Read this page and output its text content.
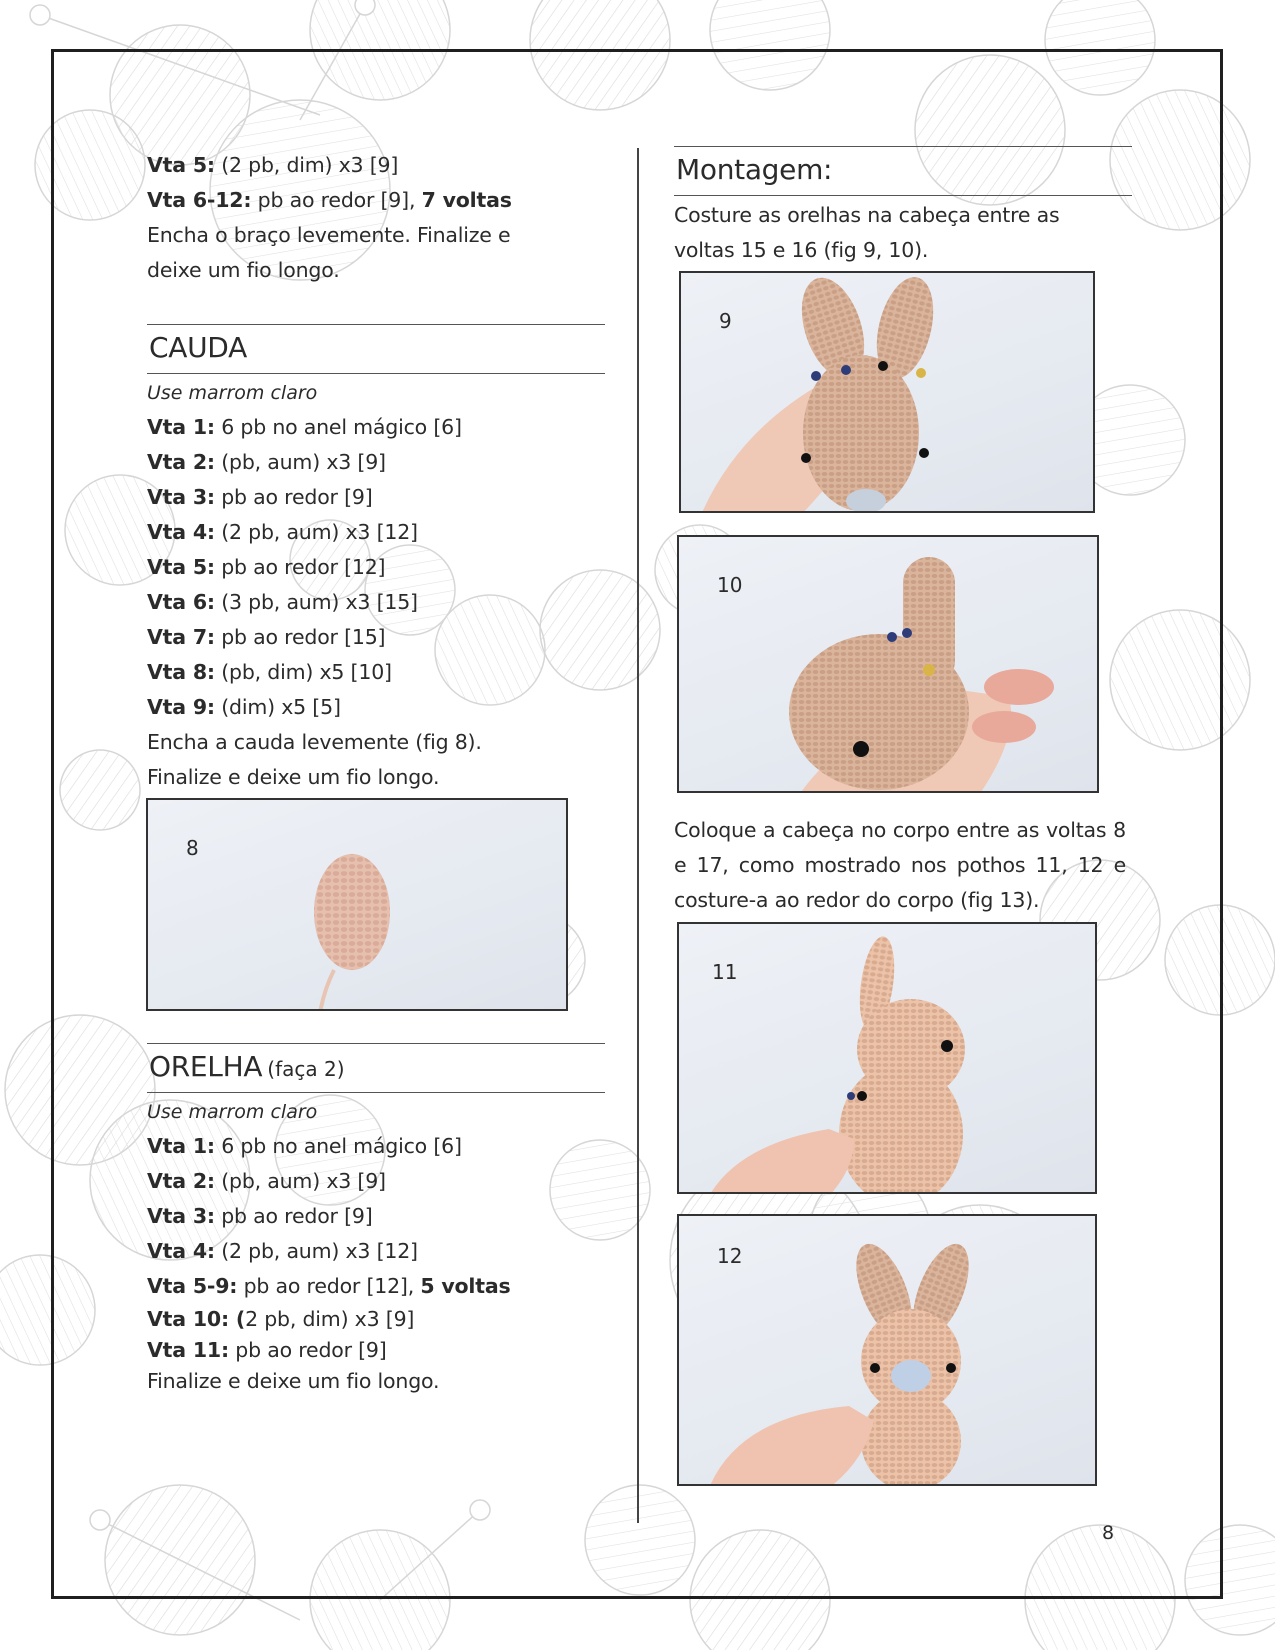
Vta 5: (2 pb, dim) x3 [9]
Vta 6-12: pb ao redor [9], 7 voltas
Encha o braço levemente. Finalize e deixe um fio longo.
CAUDA
Use marrom claro
Vta 1: 6 pb no anel mágico [6]
Vta 2: (pb, aum) x3 [9]
Vta 3: pb ao redor [9]
Vta 4: (2 pb, aum) x3 [12]
Vta 5: pb ao redor [12]
Vta 6: (3 pb, aum) x3 [15]
Vta 7: pb ao redor [15]
Vta 8: (pb, dim) x5 [10]
Vta 9: (dim) x5 [5]
Encha a cauda levemente (fig 8).
Finalize e deixe um fio longo.
8
ORELHA (faça 2)
Use marrom claro
Vta 1: 6 pb no anel mágico [6]
Vta 2: (pb, aum) x3 [9]
Vta 3: pb ao redor [9]
Vta 4: (2 pb, aum) x3 [12]
Vta 5-9: pb ao redor [12], 5 voltas
Vta 10: (2 pb, dim) x3 [9]
Vta 11: pb ao redor [9]
Finalize e deixe um fio longo.
Montagem:
Costure as orelhas na cabeça entre as voltas 15 e 16 (fig 9, 10).
9
10
Coloque a cabeça no corpo entre as voltas 8 e 17, como mostrado nos pothos 11, 12 e costure-a ao redor do corpo (fig 13).
11
12
8
